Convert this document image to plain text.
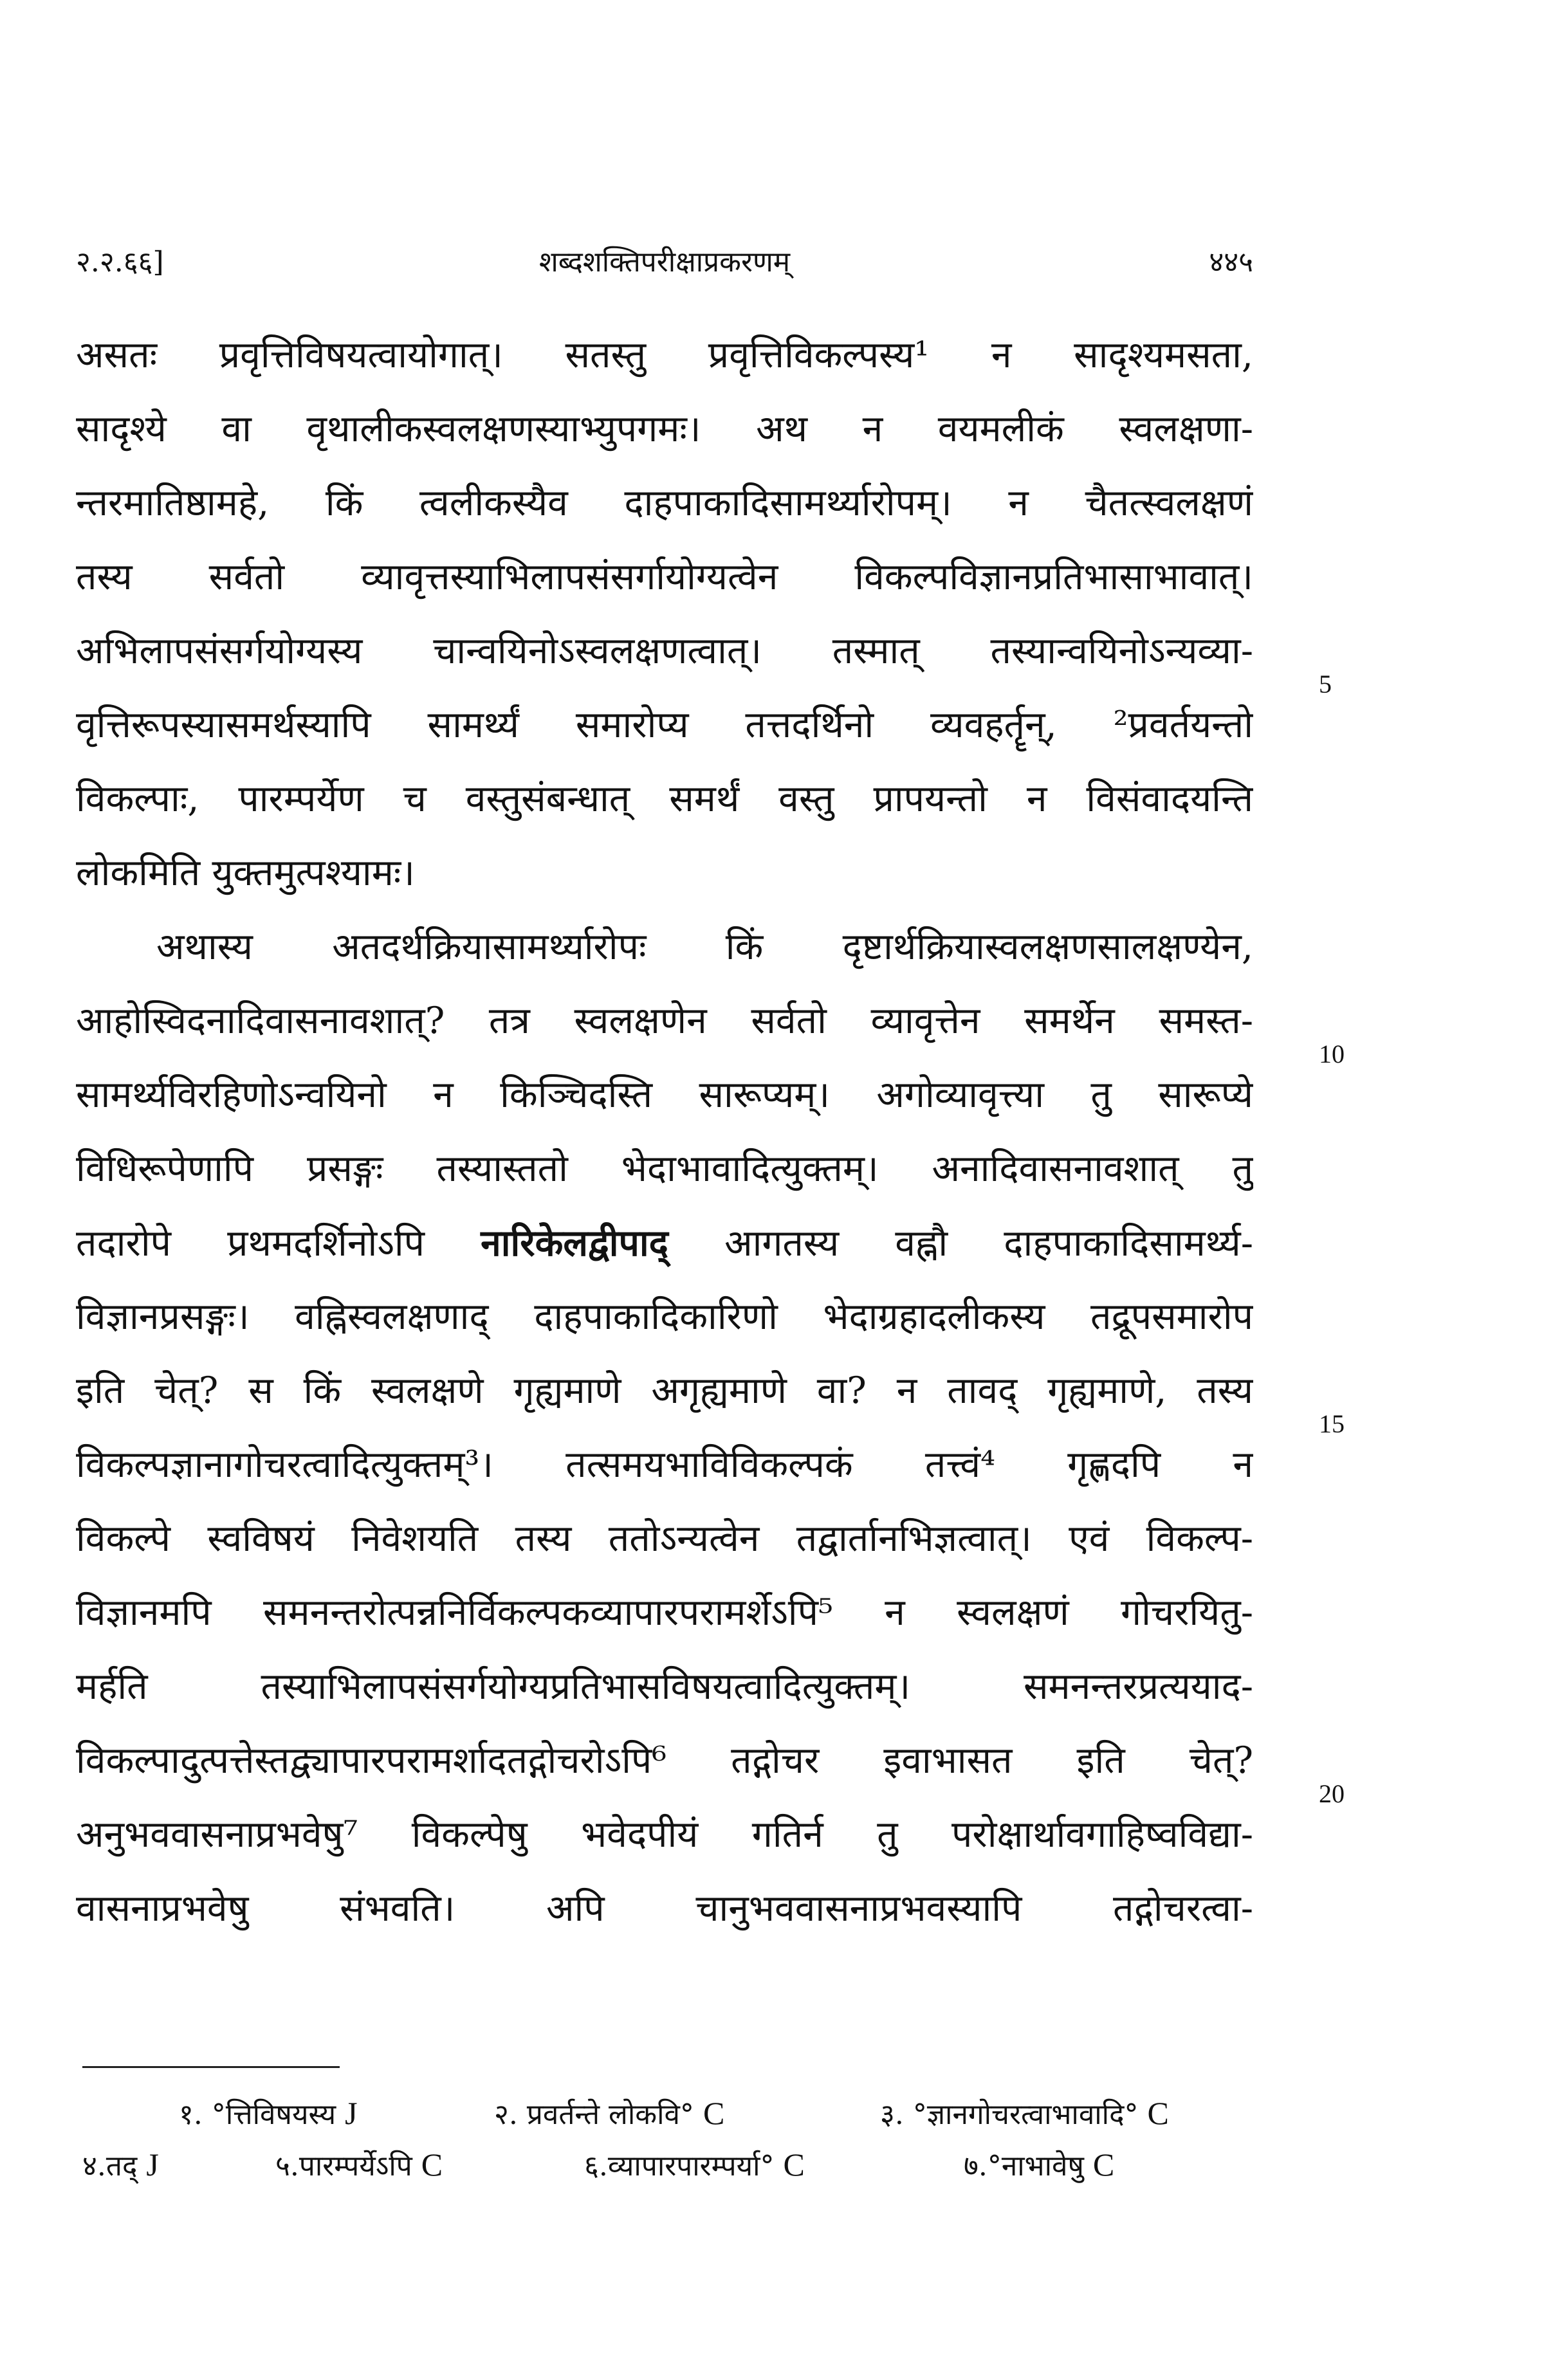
२.२.६६]	शब्दशक्तिपरीक्षाप्रकरणम्	४४५
असतः प्रवृत्तिविषयत्वायोगात्। सतस्तु प्रवृत्तिविकल्पस्य¹ न सादृश्यमसता,
सादृश्ये वा वृथालीकस्वलक्षणस्याभ्युपगमः। अथ न वयमलीकं स्वलक्षणा-
न्तरमातिष्ठामहे, किं त्वलीकस्यैव दाहपाकादिसामर्थ्यारोपम्। न चैतत्स्वलक्षणं
तस्य सर्वतो व्यावृत्तस्याभिलापसंसर्गायोग्यत्वेन विकल्पविज्ञानप्रतिभासाभावात्।
अभिलापसंसर्गयोग्यस्य चान्वयिनोऽस्वलक्षणत्वात्। तस्मात् तस्यान्वयिनोऽन्यव्या-
वृत्तिरूपस्यासमर्थस्यापि सामर्थ्यं समारोप्य तत्तदर्थिनो व्यवहर्तॄन्, ²प्रवर्तयन्तो
विकल्पाः, पारम्पर्येण च वस्तुसंबन्धात् समर्थं वस्तु प्रापयन्तो न विसंवादयन्ति
लोकमिति युक्तमुत्पश्यामः।
अथास्य अतदर्थक्रियासामर्थ्यारोपः किं दृष्टार्थक्रियास्वलक्षणसालक्षण्येन,
आहोस्विदनादिवासनावशात्? तत्र स्वलक्षणेन सर्वतो व्यावृत्तेन समर्थेन समस्त-
सामर्थ्यविरहिणोऽन्वयिनो न किञ्चिदस्ति सारूप्यम्। अगोव्यावृत्त्या तु सारूप्ये
विधिरूपेणापि प्रसङ्गः तस्यास्ततो भेदाभावादित्युक्तम्। अनादिवासनावशात् तु
तदारोपे प्रथमदर्शिनोऽपि नारिकेलद्वीपाद् आगतस्य वह्नौ दाहपाकादिसामर्थ्य-
विज्ञानप्रसङ्गः। वह्निस्वलक्षणाद् दाहपाकादिकारिणो भेदाग्रहादलीकस्य तद्रूपसमारोप
इति चेत्? स किं स्वलक्षणे गृह्यमाणे अगृह्यमाणे वा? न तावद् गृह्यमाणे, तस्य
विकल्पज्ञानागोचरत्वादित्युक्तम्³। तत्समयभाविविकल्पकं तत्त्वं⁴ गृह्णदपि न
विकल्पे स्वविषयं निवेशयति तस्य ततोऽन्यत्वेन तद्वार्तानभिज्ञत्वात्। एवं विकल्प-
विज्ञानमपि समनन्तरोत्पन्ननिर्विकल्पकव्यापारपरामर्शेऽपि⁵ न स्वलक्षणं गोचरयितु-
मर्हति तस्याभिलापसंसर्गयोग्यप्रतिभासविषयत्वादित्युक्तम्। समनन्तरप्रत्ययाद-
विकल्पादुत्पत्तेस्तद्व्यापारपरामर्शादतद्गोचरोऽपि⁶ तद्गोचर इवाभासत इति चेत्?
अनुभववासनाप्रभवेषु⁷ विकल्पेषु भवेदपीयं गतिर्न तु परोक्षार्थावगाहिष्वविद्या-
वासनाप्रभवेषु संभवति। अपि चानुभववासनाप्रभवस्यापि तद्गोचरत्वा-
5
10
15
20
१. °त्तिविषयस्य J	२. प्रवर्तन्ते लोकवि° C	३. °ज्ञानगोचरत्वाभावादि° C
४.तद् J	५.पारम्पर्येऽपि C	६.व्यापारपारम्पर्या° C	७.°नाभावेषु C
